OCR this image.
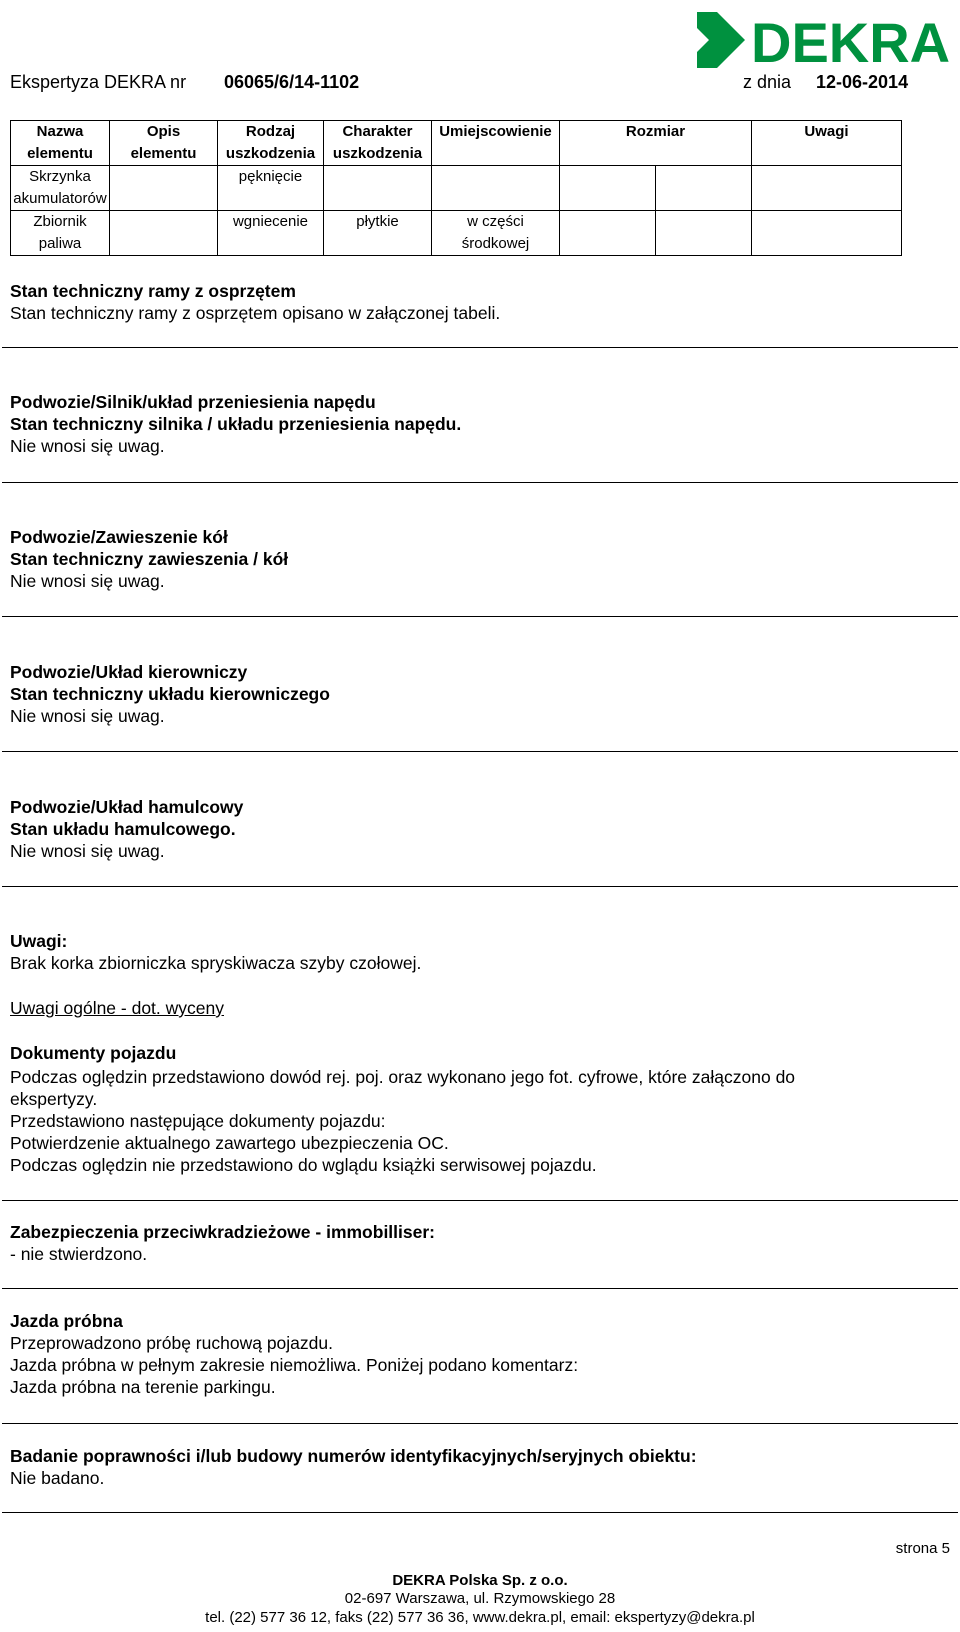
DEKRA
Ekspertyza DEKRA nr 06065/6/14-1102	z dnia 12-06-2014
Nazwa elementu	Opis elementu	Rodzaj uszkodzenia	Charakter uszkodzenia	Umiejscowienie	Rozmiar		Uwagi
Skrzynka akumulatorów		pęknięcie					
Zbiornik paliwa		wgniecenie	płytkie	w części środkowej			
Stan techniczny ramy z osprzętem
Stan techniczny ramy z osprzętem opisano w załączonej tabeli.
Podwozie/Silnik/układ przeniesienia napędu
Stan techniczny silnika / układu przeniesienia napędu.
Nie wnosi się uwag.
Podwozie/Zawieszenie kół
Stan techniczny zawieszenia / kół
Nie wnosi się uwag.
Podwozie/Układ kierowniczy
Stan techniczny układu kierowniczego
Nie wnosi się uwag.
Podwozie/Układ hamulcowy
Stan układu hamulcowego.
Nie wnosi się uwag.
Uwagi:
Brak korka zbiorniczka spryskiwacza szyby czołowej.
Uwagi ogólne - dot. wyceny
Dokumenty pojazdu
Podczas oględzin przedstawiono dowód rej. poj. oraz wykonano jego fot. cyfrowe, które załączono do
ekspertyzy.
Przedstawiono następujące dokumenty pojazdu:
Potwierdzenie aktualnego zawartego ubezpieczenia OC.
Podczas oględzin nie przedstawiono do wglądu książki serwisowej pojazdu.
Zabezpieczenia przeciwkradzieżowe - immobilliser:
- nie stwierdzono.
Jazda próbna
Przeprowadzono próbę ruchową pojazdu.
Jazda próbna w pełnym zakresie niemożliwa. Poniżej podano komentarz:
Jazda próbna na terenie parkingu.
Badanie poprawności i/lub budowy numerów identyfikacyjnych/seryjnych obiektu:
Nie badano.
strona 5
DEKRA Polska Sp. z o.o.
02-697 Warszawa, ul. Rzymowskiego 28
tel. (22) 577 36 12, faks (22) 577 36 36, www.dekra.pl, email: ekspertyzy@dekra.pl
